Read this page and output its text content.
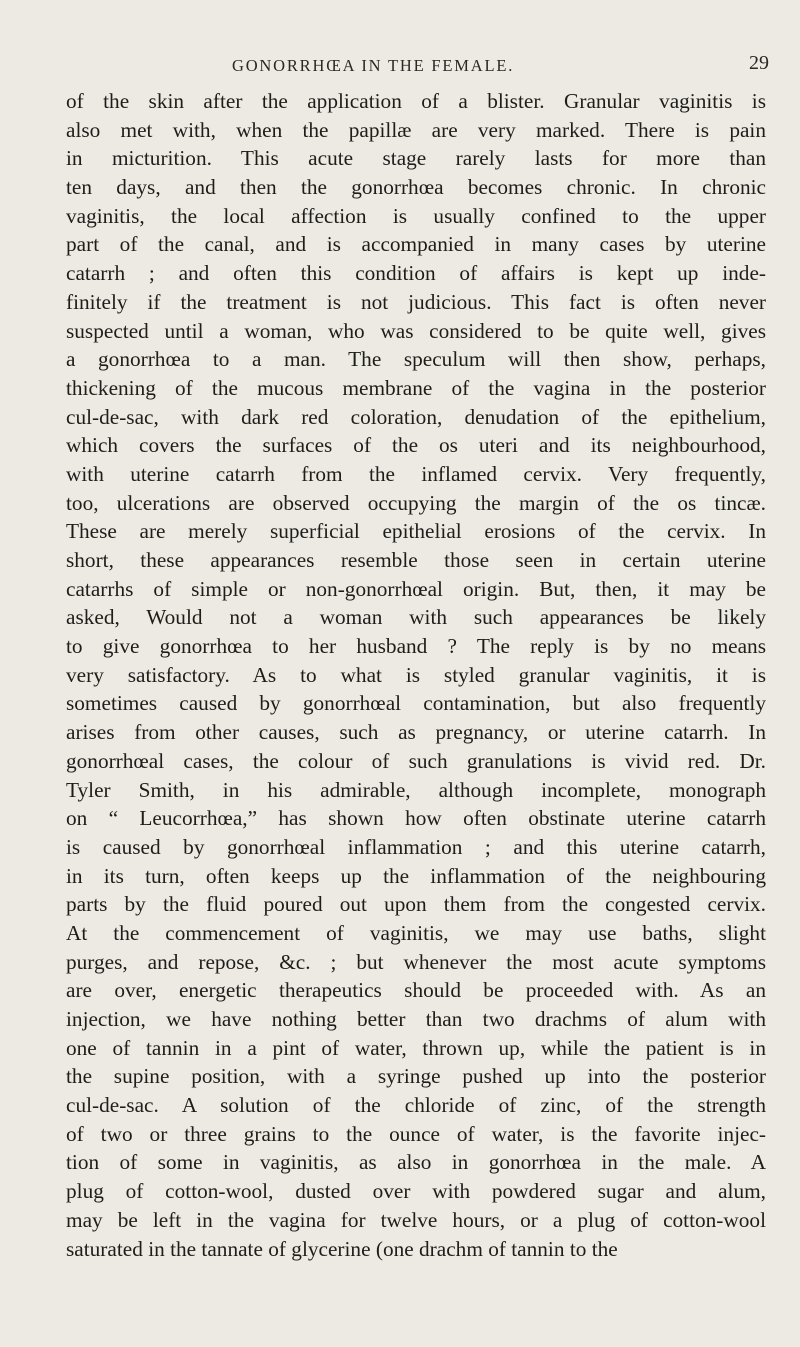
GONORRHŒA IN THE FEMALE.	29
of the skin after the application of a blister. Granular vaginitis is
also met with, when the papillæ are very marked. There is pain
in micturition. This acute stage rarely lasts for more than
ten days, and then the gonorrhœa becomes chronic. In chronic
vaginitis, the local affection is usually confined to the upper
part of the canal, and is accompanied in many cases by uterine
catarrh ; and often this condition of affairs is kept up inde-
finitely if the treatment is not judicious. This fact is often never
suspected until a woman, who was considered to be quite well, gives
a gonorrhœa to a man. The speculum will then show, perhaps,
thickening of the mucous membrane of the vagina in the posterior
cul-de-sac, with dark red coloration, denudation of the epithelium,
which covers the surfaces of the os uteri and its neighbourhood,
with uterine catarrh from the inflamed cervix. Very frequently,
too, ulcerations are observed occupying the margin of the os tincæ.
These are merely superficial epithelial erosions of the cervix. In
short, these appearances resemble those seen in certain uterine
catarrhs of simple or non-gonorrhœal origin. But, then, it may be
asked, Would not a woman with such appearances be likely
to give gonorrhœa to her husband ? The reply is by no means
very satisfactory. As to what is styled granular vaginitis, it is
sometimes caused by gonorrhœal contamination, but also frequently
arises from other causes, such as pregnancy, or uterine catarrh. In
gonorrhœal cases, the colour of such granulations is vivid red. Dr.
Tyler Smith, in his admirable, although incomplete, monograph
on “ Leucorrhœa,” has shown how often obstinate uterine catarrh
is caused by gonorrhœal inflammation ; and this uterine catarrh,
in its turn, often keeps up the inflammation of the neighbouring
parts by the fluid poured out upon them from the congested cervix.
At the commencement of vaginitis, we may use baths, slight
purges, and repose, &c. ; but whenever the most acute symptoms
are over, energetic therapeutics should be proceeded with. As an
injection, we have nothing better than two drachms of alum with
one of tannin in a pint of water, thrown up, while the patient is in
the supine position, with a syringe pushed up into the posterior
cul-de-sac. A solution of the chloride of zinc, of the strength
of two or three grains to the ounce of water, is the favorite injec-
tion of some in vaginitis, as also in gonorrhœa in the male. A
plug of cotton-wool, dusted over with powdered sugar and alum,
may be left in the vagina for twelve hours, or a plug of cotton-wool
saturated in the tannate of glycerine (one drachm of tannin to the
